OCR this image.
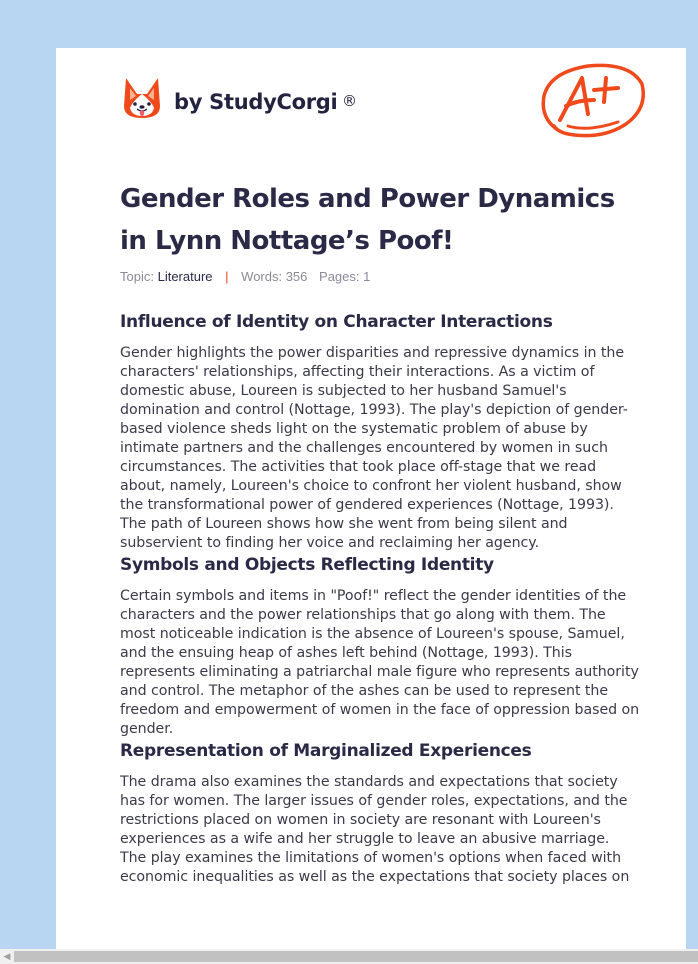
by StudyCorgi ®
Gender Roles and Power Dynamics
in Lynn Nottage’s Poof!
Topic: Literature | Words: 356 Pages: 1
Influence of Identity on Character Interactions

Gender highlights the power disparities and repressive dynamics in the characters' relationships, affecting their interactions. As a victim of domestic abuse, Loureen is subjected to her husband Samuel's domination and control (Nottage, 1993). The play's depiction of gender-based violence sheds light on the systematic problem of abuse by intimate partners and the challenges encountered by women in such circumstances. The activities that took place off-stage that we read about, namely, Loureen's choice to confront her violent husband, show the transformational power of gendered experiences (Nottage, 1993). The path of Loureen shows how she went from being silent and subservient to finding her voice and reclaiming her agency.

Symbols and Objects Reflecting Identity

Certain symbols and items in "Poof!" reflect the gender identities of the characters and the power relationships that go along with them. The most noticeable indication is the absence of Loureen's spouse, Samuel, and the ensuing heap of ashes left behind (Nottage, 1993). This represents eliminating a patriarchal male figure who represents authority and control. The metaphor of the ashes can be used to represent the freedom and empowerment of women in the face of oppression based on gender.

Representation of Marginalized Experiences

The drama also examines the standards and expectations that society has for women. The larger issues of gender roles, expectations, and the restrictions placed on women in society are resonant with Loureen's experiences as a wife and her struggle to leave an abusive marriage. The play examines the limitations of women's options when faced with economic inequalities as well as the expectations that society places on

◀
